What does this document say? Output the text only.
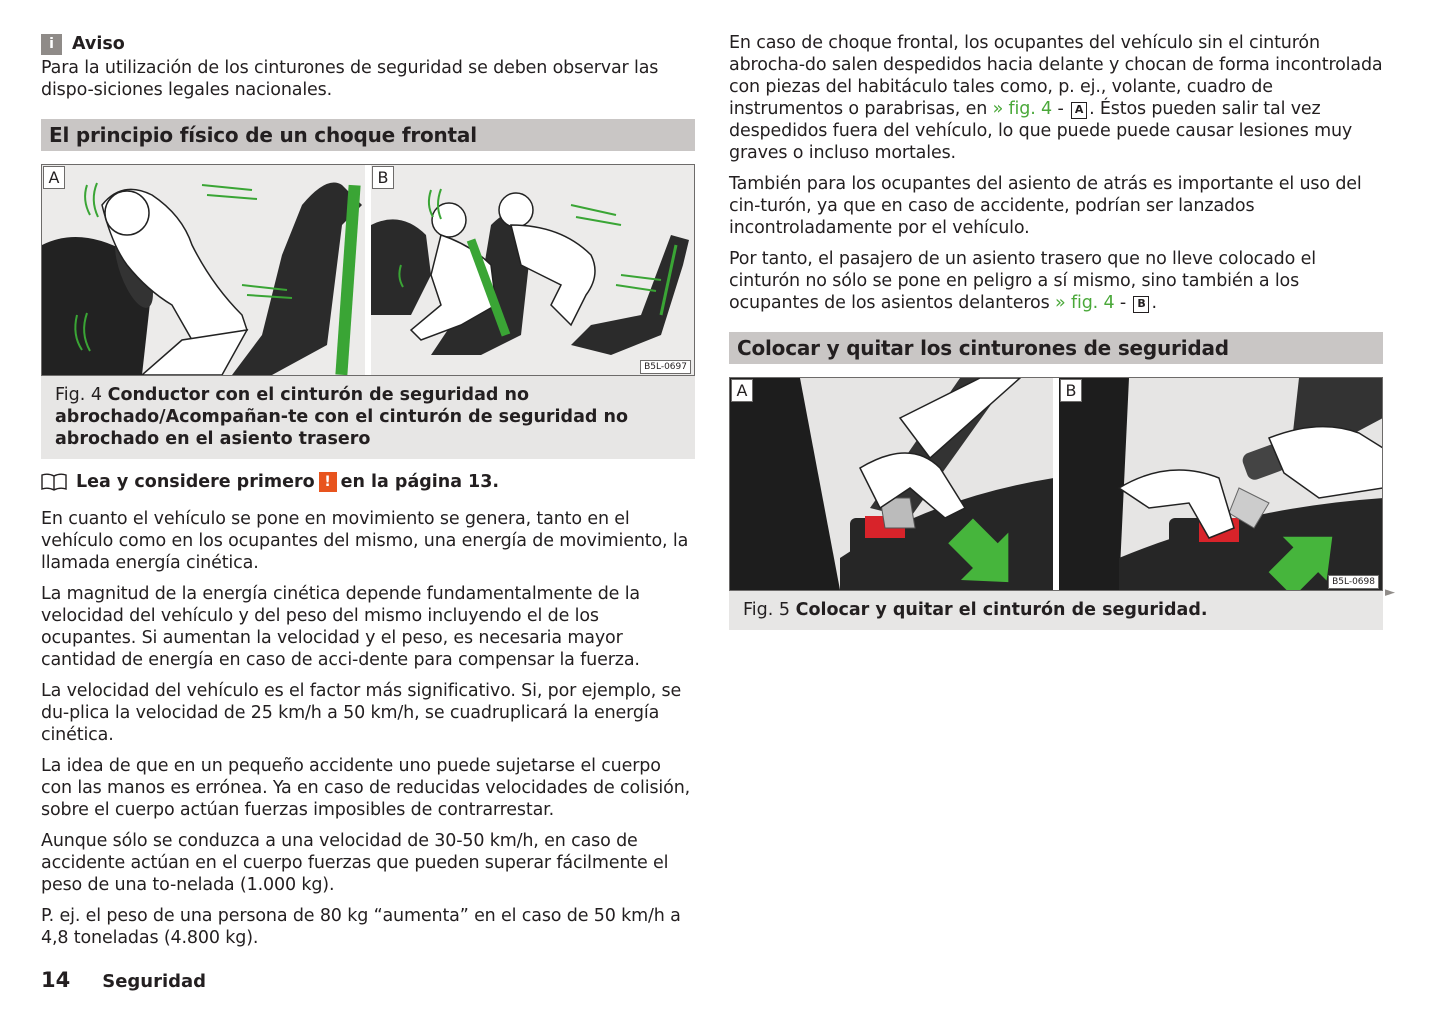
i	Aviso

Para la utilización de los cinturones de seguridad se deben observar las dispo-siciones legales nacionales.

El principio físico de un choque frontal
A	B
B5L-0697
Fig. 4 Conductor con el cinturón de seguridad no abrochado/Acompañan-te con el cinturón de seguridad no abrochado en el asiento trasero
Lea y considere primero ! en la página 13.

En cuanto el vehículo se pone en movimiento se genera, tanto en el vehículo como en los ocupantes del mismo, una energía de movimiento, la llamada energía cinética.

La magnitud de la energía cinética depende fundamentalmente de la velocidad del vehículo y del peso del mismo incluyendo el de los ocupantes. Si aumentan la velocidad y el peso, es necesaria mayor cantidad de energía en caso de acci-dente para compensar la fuerza.

La velocidad del vehículo es el factor más significativo. Si, por ejemplo, se du-plica la velocidad de 25 km/h a 50 km/h, se cuadruplicará la energía cinética.

La idea de que en un pequeño accidente uno puede sujetarse el cuerpo con las manos es errónea. Ya en caso de reducidas velocidades de colisión, sobre el cuerpo actúan fuerzas imposibles de contrarrestar.

Aunque sólo se conduzca a una velocidad de 30-50 km/h, en caso de accidente actúan en el cuerpo fuerzas que pueden superar fácilmente el peso de una to-nelada (1.000 kg).

P. ej. el peso de una persona de 80 kg “aumenta” en el caso de 50 km/h a 4,8 toneladas (4.800 kg).

En caso de choque frontal, los ocupantes del vehículo sin el cinturón abrocha-do salen despedidos hacia delante y chocan de forma incontrolada con piezas del habitáculo tales como, p. ej., volante, cuadro de instrumentos o parabrisas, en » fig. 4 - A . Éstos pueden salir tal vez despedidos fuera del vehículo, lo que puede puede causar lesiones muy graves o incluso mortales.

También para los ocupantes del asiento de atrás es importante el uso del cin-turón, ya que en caso de accidente, podrían ser lanzados incontroladamente por el vehículo.

Por tanto, el pasajero de un asiento trasero que no lleve colocado el cinturón no sólo se pone en peligro a sí mismo, sino también a los ocupantes de los asientos delanteros » fig. 4 - B .

Colocar y quitar los cinturones de seguridad
A	B
B5L-0698
Fig. 5 Colocar y quitar el cinturón de seguridad.
►
14 Seguridad
